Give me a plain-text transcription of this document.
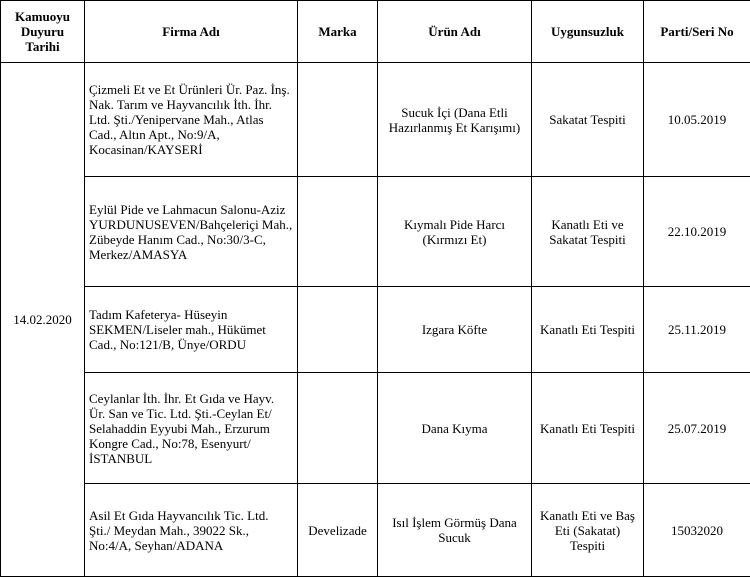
Kamuoyu Duyuru Tarihi	Firma Adı	Marka	Ürün Adı	Uygunsuzluk	Parti/Seri No
14.02.2020	Çizmeli Et ve Et Ürünleri Ür. Paz. İnş. Nak. Tarım ve Hayvancılık İth. İhr. Ltd. Şti./Yenipervane Mah., Atlas Cad., Altın Apt., No:9/A, Kocasinan/KAYSERİ		Sucuk İçi (Dana Etli Hazırlanmış Et Karışımı)	Sakatat Tespiti	10.05.2019
	Eylül Pide ve Lahmacun Salonu-Aziz YURDUNUSEVEN/Bahçeleriçi Mah., Zübeyde Hanım Cad., No:30/3-C, Merkez/AMASYA		Kıymalı Pide Harcı (Kırmızı Et)	Kanatlı Eti ve Sakatat Tespiti	22.10.2019
	Tadım Kafeterya- Hüseyin SEKMEN/Liseler mah., Hükümet Cad., No:121/B, Ünye/ORDU		Izgara Köfte	Kanatlı Eti Tespiti	25.11.2019
	Ceylanlar İth. İhr. Et Gıda ve Hayv. Ür. San ve Tic. Ltd. Şti.-Ceylan Et/ Selahaddin Eyyubi Mah., Erzurum Kongre Cad., No:78, Esenyurt/İSTANBUL		Dana Kıyma	Kanatlı Eti Tespiti	25.07.2019
	Asil Et Gıda Hayvancılık Tic. Ltd. Şti./ Meydan Mah., 39022 Sk., No:4/A, Seyhan/ADANA	Develizade	Isıl İşlem Görmüş Dana Sucuk	Kanatlı Eti ve Baş Eti (Sakatat) Tespiti	15032020
